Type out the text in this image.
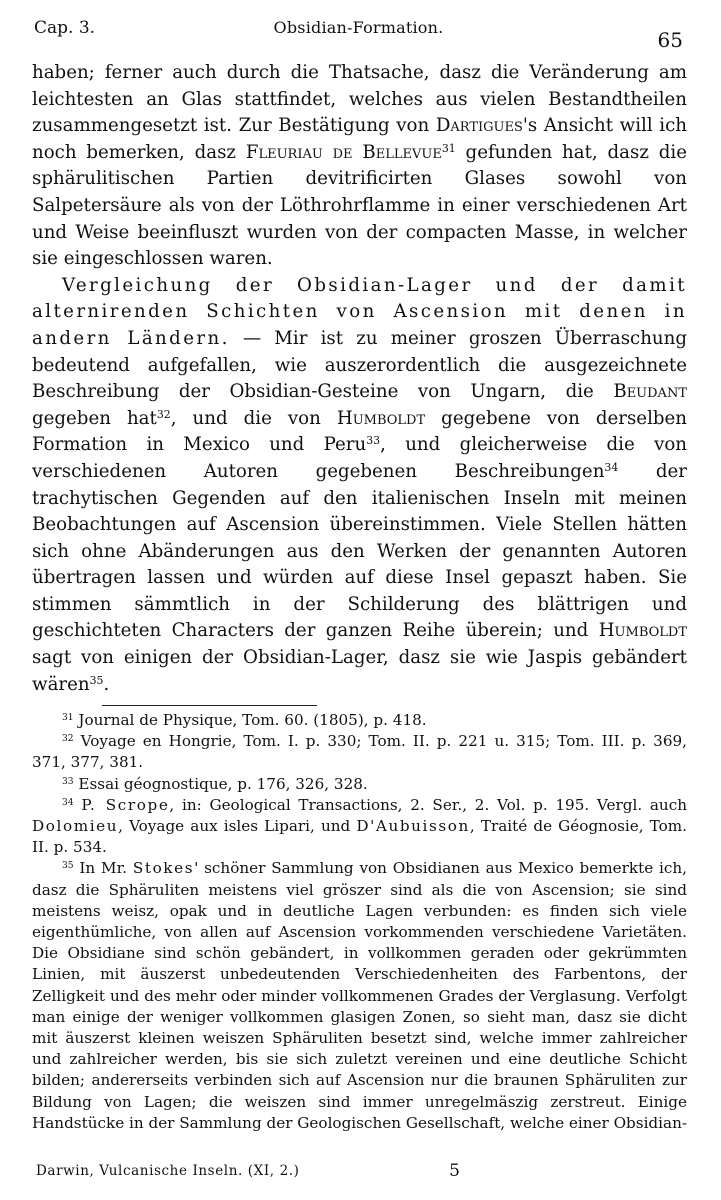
Cap. 3.	Obsidian-Formation.
65

haben; ferner auch durch die Thatsache, dasz die Veränderung am leichtesten an Glas stattfindet, welches aus vielen Bestandtheilen zusammengesetzt ist. Zur Bestätigung von Dartigues's Ansicht will ich noch bemerken, dasz Fleuriau de Bellevue$^{31}$ gefunden hat, dasz die sphärulitischen Partien devitrificirten Glases sowohl von Salpetersäure als von der Löthrohrflamme in einer verschiedenen Art und Weise beeinfluszt wurden von der compacten Masse, in welcher sie eingeschlossen waren.

Vergleichung der Obsidian-Lager und der damit alternirenden Schichten von Ascension mit denen in andern Ländern. — Mir ist zu meiner groszen Überraschung bedeutend aufgefallen, wie auszerordentlich die ausgezeichnete Beschreibung der Obsidian-Gesteine von Ungarn, die Beudant gegeben hat$^{32}$, und die von Humboldt gegebene von derselben Formation in Mexico und Peru$^{33}$, und gleicherweise die von verschiedenen Autoren gegebenen Beschreibungen$^{34}$ der trachytischen Gegenden auf den italienischen Inseln mit meinen Beobachtungen auf Ascension übereinstimmen. Viele Stellen hätten sich ohne Abänderungen aus den Werken der genannten Autoren übertragen lassen und würden auf diese Insel gepaszt haben. Sie stimmen sämmtlich in der Schilderung des blättrigen und geschichteten Characters der ganzen Reihe überein; und Humboldt sagt von einigen der Obsidian-Lager, dasz sie wie Jaspis gebändert wären$^{35}$.

$^{31}$ Journal de Physique, Tom. 60. (1805), p. 418.

$^{32}$ Voyage en Hongrie, Tom. I. p. 330; Tom. II. p. 221 u. 315; Tom. III. p. 369, 371, 377, 381.

$^{33}$ Essai géognostique, p. 176, 326, 328.

$^{34}$ P. Scrope, in: Geological Transactions, 2. Ser., 2. Vol. p. 195. Vergl. auch Dolomieu, Voyage aux isles Lipari, und D'Aubuisson, Traité de Géognosie, Tom. II. p. 534.

$^{35}$ In Mr. Stokes' schöner Sammlung von Obsidianen aus Mexico bemerkte ich, dasz die Sphäruliten meistens viel gröszer sind als die von Ascension; sie sind meistens weisz, opak und in deutliche Lagen verbunden: es finden sich viele eigenthümliche, von allen auf Ascension vorkommenden verschiedene Varietäten. Die Obsidiane sind schön gebändert, in vollkommen geraden oder gekrümmten Linien, mit äuszerst unbedeutenden Verschiedenheiten des Farbentons, der Zelligkeit und des mehr oder minder vollkommenen Grades der Verglasung. Verfolgt man einige der weniger vollkommen glasigen Zonen, so sieht man, dasz sie dicht mit äuszerst kleinen weiszen Sphäruliten besetzt sind, welche immer zahlreicher und zahlreicher werden, bis sie sich zuletzt vereinen und eine deutliche Schicht bilden; andererseits verbinden sich auf Ascension nur die braunen Sphäruliten zur Bildung von Lagen; die weiszen sind immer unregelmäszig zerstreut. Einige Handstücke in der Sammlung der Geologischen Gesellschaft, welche einer Obsidian-

Darwin, Vulcanische Inseln. (XI, 2.)	5
